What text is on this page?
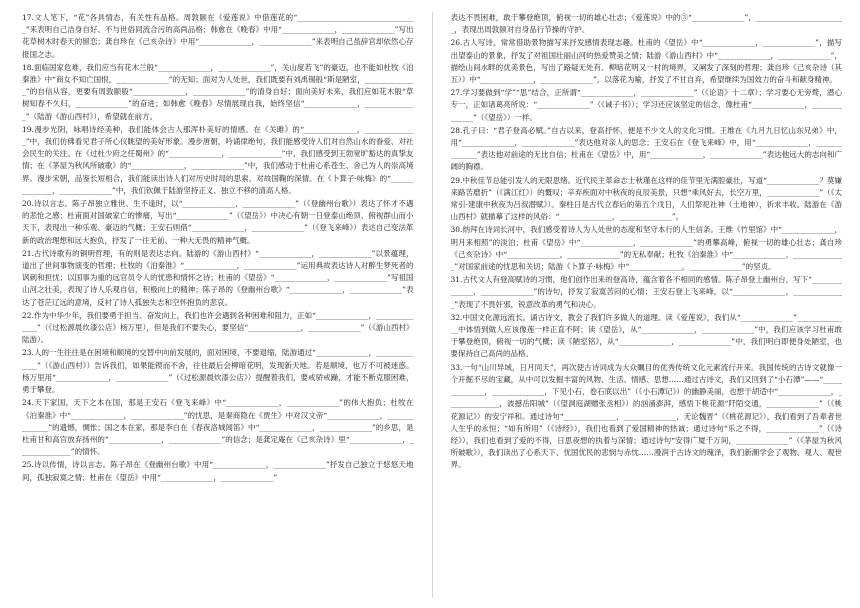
17.文人笔下，“花”各具情态，有关性有品格。周敦颐在《爱莲说》中借莲花的“________________________________”来表明自己洁身自好、不与世俗同流合污的高尚品格；韩愈在《晚春》中用“______________，______________”写出花草树木时春天的留恋；龚自珍在《己亥杂诗》中用“______________，______________”来表明自己虽辞官却依然心存报国之志。

18.面临国家危难，我们应当有花木兰般“______________，______________”，关山度若飞”的豪迈，也不能如杜牧《泊秦淮》中“商女不知亡国恨，______________”的无知；面对为人处世，我们既要有刘禹锡般“斯是陋室，______________”的自信从容，更要有周敦颐般“______________，______________”的清身自好；面向美好未来，我们应如花木般“草树知春不久归，______________”的奋进；如韩愈《晚春》尽情展现自我，始终坚信“______________，______________”（陆游《游山西村》），希望就在前方。

19.漫步光阴，咏唱诗经美种，我们能体会古人那浑朴美好的情感。在《关雎》的“______________，______________”中，我们仿佛看见君子所心仪眺望的美好形象。漫步唐朝，吟诵律绝句，我们能感受诗人们对自然山水的眷爱、对社会民生的关注。在《过杜少府之任蜀州》的“______________，______________”中，我们感受到王勃宽旷豁达的真挚友情；在《茅屋为秋风所破歌》的“______________，______________”中，我们感动于杜甫心系苍生、舍己为人的崇高境界。漫步宋朝，品鉴长短相合，我们能读出诗人们对历史时局的思索、对故国鞠的深情。在《卜算子·咏梅》的“______________，______________”中，我们钦佩于陆游坚持正义、独立不移的清高人格。

20.诗以言志。陈子昂独立雅世、生不逢时，以“______________，______________”（《登幽州台歌》）表达了怀才不遇的悲怆之感；杜甫面对国破家亡的惨痛，写出“______________”（《望岳》）中决心有朝一日登泰山绝顶、俯视群山而小天下，表现出一种乐观、豪迈的气概；王安石则借“______________，______________”（《登飞来峰》）表达自己变法革新的政治理想和远大抱负，抒发了一往无前、一种大无畏的精神气概。

21.古代诗歌有的铜明哲理，有的则是表达志向。陆游的《游山西村》“______________，______________”以景蕴理，道出了世间事物演变的哲理；杜牧的《泊秦淮》“______________，______________”运用典故表达诗人对醉生梦死者的讽刺和担忧；以国事为重的远官员令人的忧患和情怀之诗；杜甫的《望岳》“______________，______________”写祖国山河之壮美，表现了诗人乐观自信，积极向上的精神；陈子昂的《登幽州台歌》“______________，______________”表达了苍茫辽远的意境，反衬了诗人孤独失志和空怀抱负的悲哀。

22.作为中华少年，我们要勇于担当、奋发向上，我们也许会遇到各种困难和阻力，正如“______________，______________”（《过松源晨炊漆公店》杨万里），但是我们不要失心，要坚信“______________，______________”（《游山西村》陆游）。

23.人的一生往往是在困境和顺境的交替中向前发展的，面对困境，不要退缩，陆游通过“______________，______________”（《游山西村》）告诉我们，如果能锲而不舍，往往最后会柳暗花明，发现新天地。若是顺境，也万不可被迷惑。杨万里用“______________，______________”（《过松源晨炊漆公店》）提醒着我们，要戒骄戒躁，才能不断克服困难，勇于攀登。

24.天下家国，天下之本在国，那是王安石《登飞来峰》中“______________，______________”的伟大抱负；杜牧在《泊秦淮》中“______________，______________”的忧思，是秦商隐在《贾生》中对汉文帝“______________，______________”的遗憾，惆怅；国之本在家，那是李白在《春夜洛城闻笛》中“______________，______________”的乡思，是杜甫甘和高官放弃扬州的“______________，______________”的信念；是龚定庵在《己亥杂诗》里“______________，______________”的情怀。

25.诗以传情，诗以言志。陈子昂在《登幽州台歌》中用“______________，______________”抒发自己独立于悠悠天地间，孤独寂寞之情；杜甫在《望岳》中用“______________，______________”

表达不畏困难，敢于攀登绝顶，俯视一切的雄心壮志；《爱莲说》中的③“______________”，________________________，表现出周敦颐对自身品行节操的守护。

26.古人写诗，常常借助景物描写来抒发感情表现志趣。杜甫的《望岳》中“______________，______________”，描写出望泰山的景象，抒发了对祖国壮丽山河的热爱赞美之情；陆游《游山西村》中“______________，______________”，描绘山间水畔的优美景色，写出了路疑无处有、柳暗花明又一村的境界，又阐发了深刻的哲理；龚自珍《己亥杂诗（其五）》中“______________，______________”，以落花为喻，抒发了不甘自弃，希望继续为国效力的奋斗和献身精神。

27.学习要做到“学”“思”结合，正所谓“______________，______________”（《论语》十二章）；学习要心无旁骛，潜心专一，正如诸葛亮所说：“______________”（《诫子书》）；学习还应该坚定的信念，像杜甫“______________，______________”（《望岳》）一样。

28.孔子曰：“君子登高必赋。”自古以来，登高抒怀，便是不少文人的文化习惯。王维在《九月九日忆山东兄弟》中，用“______________，______________”表达他对亲人的思念；王安石在《登飞来峰》中，用“______________，______________”表达他对前途的无比自信；杜甫在《望岳》中，用“______________，______________”表达他远大的志向和广阔的胸襟。

29.中秋佳节总能引发人的无限思绪。近代民主革命志士秋瑾在这样的佳节里无满腔豪壮，写道“______________？莫嫌来路苦磨折”（《满江红》）的慨叹；辛弃疾面对中秋夜的良辰美景，只想“乘风好去，长空万里，______________”（《太常引·建康中秋夜为吕叔潜赋》）。秦柱日是古代立春后的第五个戊日，人们祭祀社神（土地神），祈求丰收。陆游在《游山西村》就描摹了这样的风俗：“______________，______________”。

30.纳拜在诗词长河中，我们感受着诗人为人处世的态度和坚守本行的人生信条。王维《竹里馆》中“______________，明月来相照”的淡泊；杜甫《望岳》中“______________，______________”的勇攀高峰，俯视一切的雄心壮志；龚自珍《己亥杂诗》中“______________，______________”的无私奉献；杜牧《泊秦淮》中“______________，______________”对国家前途的忧思和关切；陆游《卜算子·咏梅》中“______________，______________”的坚贞。

31.古代文人有登高赋诗的习惯，他们创作出来的登高诗，蕴含着各不相同的感情。陈子昂登上幽州台，写下“______________，______________”的诗句，抒发了寂寞苦闷的心情；王安石登上飞来峰，以“______________，______________”表现了不畏奸邪，锐意改革的勇气和决心。

32.中国文化源远流长。诵古诗文，教会了我们许多做人的道理。读《爱莲说》，我们从“______________”______________中体悟到做人应该像莲一样正直不阿；读《望岳》，从“______________，______________”中，我们应该学习杜甫敢于攀登绝顶，俯视一切的气概；读《陋室铭》，从“______________，______________”中，我们明白即便身处陋室，也要保持自己高尚的品格。

33.一句“山川异域，日月同天”，再次使古诗词成为大众瞩目的优秀传统文化元素流行开来。我国传统的古诗文就像一个开掘不尽的宝藏，从中可以发掘丰富的风物、生活、情感、思想……通过古诗文，我们又回到了“小石潭”——“______________，______________，下见小石，卷石底以出”（《小石潭记》）的幽静美丽，也想于胡适中“______________，______________，波撼岳阳城”（《望洞庭湖赠张丞相》）的汹涌澎湃，感悟下桃花源“阡陌交通，______________”（《桃花源记》）的安宁祥和。通过诗句“______________，______________，无论魏晋”（《桃花源记》），我们看到了吾辈者世人生乎的永恒；“如有所用”（《诗经》），我们也看到了爱国精神的热诚；通过诗句“乐之不得，______________”（《诗经》），我们也看到了爱的不得，日思夜想的执着与深情；通过诗句“安得广厦千万间，______________”（《茅屋为秋风所破歌》），我们读出了心系天下、忧国忧民的悲悯与赤忱……漫润于古诗文的瑰泽，我们新潮学会了观物、观人、观世界。
